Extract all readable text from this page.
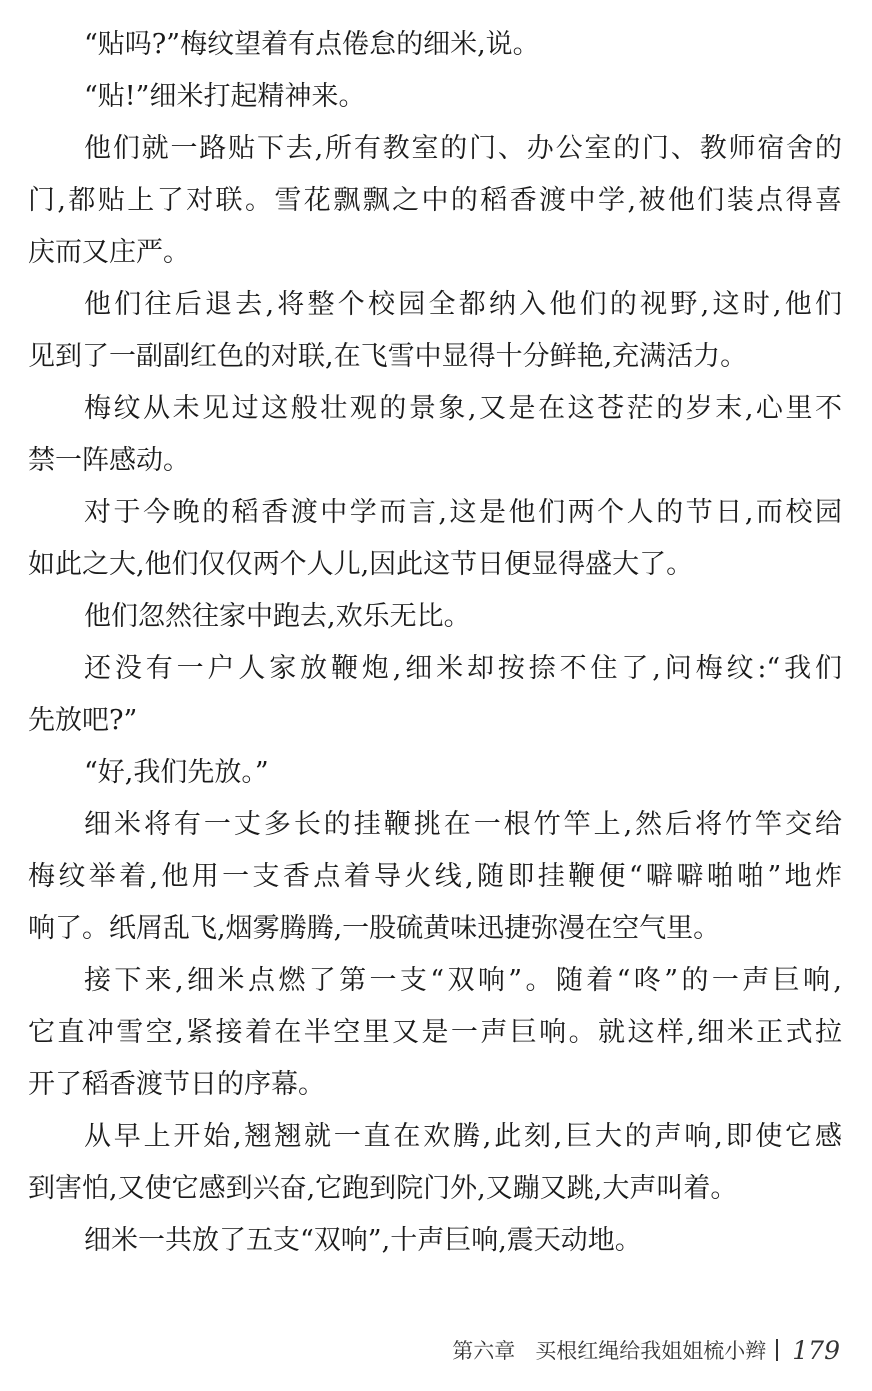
“贴吗?”梅纹望着有点倦怠的细米,说。
“贴!”细米打起精神来。
他们就一路贴下去,所有教室的门、办公室的门、教师宿舍的
门,都贴上了对联。雪花飘飘之中的稻香渡中学,被他们装点得喜
庆而又庄严。
他们往后退去,将整个校园全都纳入他们的视野,这时,他们
见到了一副副红色的对联,在飞雪中显得十分鲜艳,充满活力。
梅纹从未见过这般壮观的景象,又是在这苍茫的岁末,心里不
禁一阵感动。
对于今晚的稻香渡中学而言,这是他们两个人的节日,而校园
如此之大,他们仅仅两个人儿,因此这节日便显得盛大了。
他们忽然往家中跑去,欢乐无比。
还没有一户人家放鞭炮,细米却按捺不住了,问梅纹:“我们
先放吧?”
“好,我们先放。”
细米将有一丈多长的挂鞭挑在一根竹竿上,然后将竹竿交给
梅纹举着,他用一支香点着导火线,随即挂鞭便“噼噼啪啪”地炸
响了。纸屑乱飞,烟雾腾腾,一股硫黄味迅捷弥漫在空气里。
接下来,细米点燃了第一支“双响”。随着“咚”的一声巨响,
它直冲雪空,紧接着在半空里又是一声巨响。就这样,细米正式拉
开了稻香渡节日的序幕。
从早上开始,翘翘就一直在欢腾,此刻,巨大的声响,即使它感
到害怕,又使它感到兴奋,它跑到院门外,又蹦又跳,大声叫着。
细米一共放了五支“双响”,十声巨响,震天动地。
第六章 买根红绳给我姐姐梳小辫 179
